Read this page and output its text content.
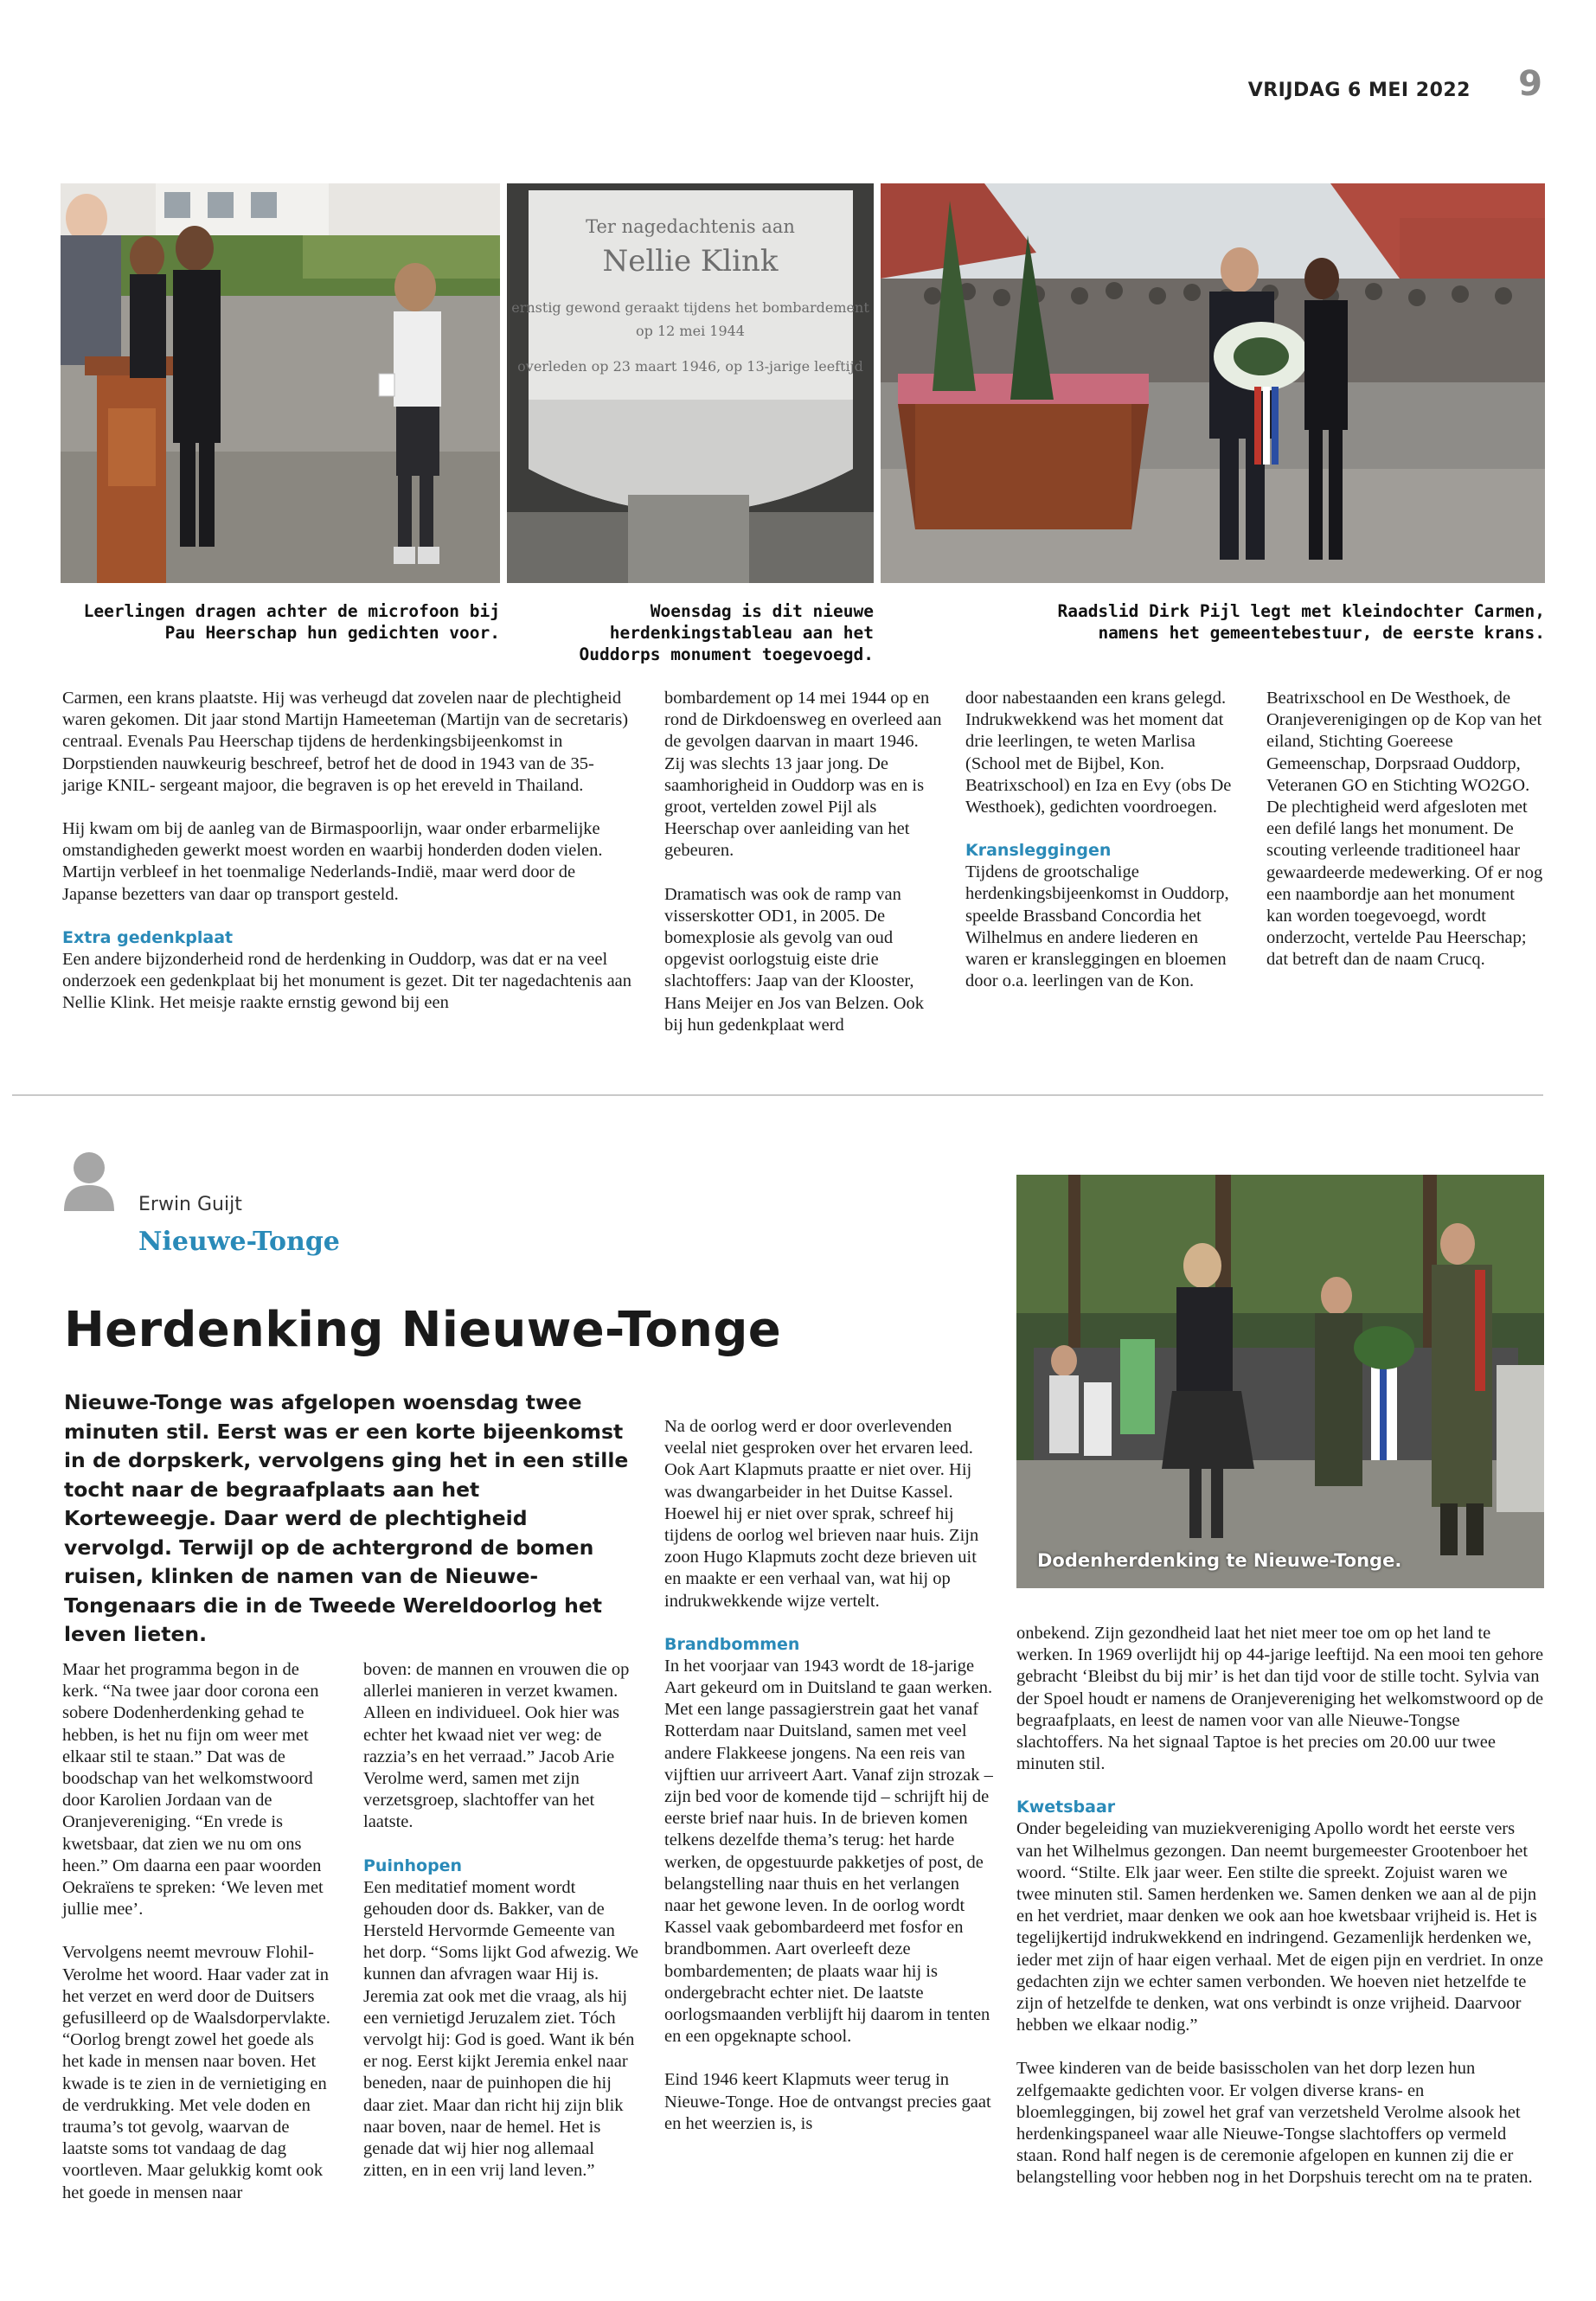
VRIJDAG 6 MEI 2022 9
Ter nagedachtenis aan
Nellie Klink
ernstig gewond geraakt tijdens het bombardement
op 12 mei 1944
overleden op 23 maart 1946, op 13-jarige leeftijd
Leerlingen dragen achter de microfoon bij
Pau Heerschap hun gedichten voor.
Woensdag is dit nieuwe
herdenkingstableau aan het
Ouddorps monument toegevoegd.
Raadslid Dirk Pijl legt met kleindochter Carmen,
namens het gemeentebestuur, de eerste krans.

Carmen, een krans plaatste. Hij was verheugd dat zovelen naar de plechtigheid waren gekomen. Dit jaar stond Martijn Hameeteman (Martijn van de secretaris) centraal. Evenals Pau Heerschap tijdens de herdenkingsbijeenkomst in Dorpstienden nauwkeurig beschreef, betrof het de dood in 1943 van de 35-jarige KNIL- sergeant majoor, die begraven is op het ereveld in Thailand.

Hij kwam om bij de aanleg van de Birmaspoorlijn, waar onder erbarmelijke omstandigheden gewerkt moest worden en waarbij honderden doden vielen. Martijn verbleef in het toenmalige Nederlands-Indië, maar werd door de Japanse bezetters van daar op transport gesteld.

Extra gedenkplaat

Een andere bijzonderheid rond de herdenking in Ouddorp, was dat er na veel onderzoek een gedenkplaat bij het monument is gezet. Dit ter nagedachtenis aan Nellie Klink. Het meisje raakte ernstig gewond bij een

bombardement op 14 mei 1944 op en rond de Dirkdoensweg en overleed aan de gevolgen daarvan in maart 1946. Zij was slechts 13 jaar jong. De saamhorigheid in Ouddorp was en is groot, vertelden zowel Pijl als Heerschap over aanleiding van het gebeuren.

Dramatisch was ook de ramp van visserskotter OD1, in 2005. De bomexplosie als gevolg van oud opgevist oorlogstuig eiste drie slachtoffers: Jaap van der Klooster, Hans Meijer en Jos van Belzen. Ook bij hun gedenkplaat werd

door nabestaanden een krans gelegd. Indrukwekkend was het moment dat drie leerlingen, te weten Marlisa (School met de Bijbel, Kon. Beatrixschool) en Iza en Evy (obs De Westhoek), gedichten voordroegen.

Kransleggingen

Tijdens de grootschalige herdenkingsbijeenkomst in Ouddorp, speelde Brassband Concordia het Wilhelmus en andere liederen en waren er kransleggingen en bloemen door o.a. leerlingen van de Kon.

Beatrixschool en De Westhoek, de Oranjeverenigingen op de Kop van het eiland, Stichting Goereese Gemeenschap, Dorpsraad Ouddorp, Veteranen GO en Stichting WO2GO. De plechtigheid werd afgesloten met een defilé langs het monument. De scouting verleende traditioneel haar gewaardeerde medewerking. Of er nog een naambordje aan het monument kan worden toegevoegd, wordt onderzocht, vertelde Pau Heerschap; dat betreft dan de naam Crucq.

Erwin Guijt
Nieuwe-Tonge
Herdenking Nieuwe-Tonge
Nieuwe-Tonge was afgelopen woensdag twee minuten stil. Eerst was er een korte bijeenkomst in de dorpskerk, vervolgens ging het in een stille tocht naar de begraafplaats aan het Korteweegje. Daar werd de plechtigheid vervolgd. Terwijl op de achtergrond de bomen ruisen, klinken de namen van de Nieuwe-Tongenaars die in de Tweede Wereldoorlog het leven lieten.
Dodenherdenking te Nieuwe-Tonge.

Maar het programma begon in de kerk. “Na twee jaar door corona een sobere Dodenherdenking gehad te hebben, is het nu fijn om weer met elkaar stil te staan.” Dat was de boodschap van het welkomstwoord door Karolien Jordaan van de Oranjevereniging. “En vrede is kwetsbaar, dat zien we nu om ons heen.” Om daarna een paar woorden Oekraïens te spreken: ‘We leven met jullie mee’.

Vervolgens neemt mevrouw Flohil-Verolme het woord. Haar vader zat in het verzet en werd door de Duitsers gefusilleerd op de Waalsdorpervlakte. “Oorlog brengt zowel het goede als het kade in mensen naar boven. Het kwade is te zien in de vernietiging en de verdrukking. Met vele doden en trauma’s tot gevolg, waarvan de laatste soms tot vandaag de dag voortleven. Maar gelukkig komt ook het goede in mensen naar

boven: de mannen en vrouwen die op allerlei manieren in verzet kwamen. Alleen en individueel. Ook hier was echter het kwaad niet ver weg: de razzia’s en het verraad.” Jacob Arie Verolme werd, samen met zijn verzetsgroep, slachtoffer van het laatste.

Puinhopen

Een meditatief moment wordt gehouden door ds. Bakker, van de Hersteld Hervormde Gemeente van het dorp. “Soms lijkt God afwezig. We kunnen dan afvragen waar Hij is. Jeremia zat ook met die vraag, als hij een vernietigd Jeruzalem ziet. Tóch vervolgt hij: God is goed. Want ik bén er nog. Eerst kijkt Jeremia enkel naar beneden, naar de puinhopen die hij daar ziet. Maar dan richt hij zijn blik naar boven, naar de hemel. Het is genade dat wij hier nog allemaal zitten, en in een vrij land leven.”

Na de oorlog werd er door overlevenden veelal niet gesproken over het ervaren leed. Ook Aart Klapmuts praatte er niet over. Hij was dwangarbeider in het Duitse Kassel. Hoewel hij er niet over sprak, schreef hij tijdens de oorlog wel brieven naar huis. Zijn zoon Hugo Klapmuts zocht deze brieven uit en maakte er een verhaal van, wat hij op indrukwekkende wijze vertelt.

Brandbommen

In het voorjaar van 1943 wordt de 18-jarige Aart gekeurd om in Duitsland te gaan werken. Met een lange passagierstrein gaat het vanaf Rotterdam naar Duitsland, samen met veel andere Flakkeese jongens. Na een reis van vijftien uur arriveert Aart. Vanaf zijn strozak – zijn bed voor de komende tijd – schrijft hij de eerste brief naar huis. In de brieven komen telkens dezelfde thema’s terug: het harde werken, de opgestuurde pakketjes of post, de belangstelling naar thuis en het verlangen naar het gewone leven. In de oorlog wordt Kassel vaak gebombardeerd met fosfor en brandbommen. Aart overleeft deze bombardementen; de plaats waar hij is ondergebracht echter niet. De laatste oorlogsmaanden verblijft hij daarom in tenten en een opgeknapte school.

Eind 1946 keert Klapmuts weer terug in Nieuwe-Tonge. Hoe de ontvangst precies gaat en het weerzien is, is

onbekend. Zijn gezondheid laat het niet meer toe om op het land te werken. In 1969 overlijdt hij op 44-jarige leeftijd. Na een mooi ten gehore gebracht ‘Bleibst du bij mir’ is het dan tijd voor de stille tocht. Sylvia van der Spoel houdt er namens de Oranjevereniging het welkomstwoord op de begraafplaats, en leest de namen voor van alle Nieuwe-Tongse slachtoffers. Na het signaal Taptoe is het precies om 20.00 uur twee minuten stil.

Kwetsbaar

Onder begeleiding van muziekvereniging Apollo wordt het eerste vers van het Wilhelmus gezongen. Dan neemt burgemeester Grootenboer het woord. “Stilte. Elk jaar weer. Een stilte die spreekt. Zojuist waren we twee minuten stil. Samen herdenken we. Samen denken we aan al de pijn en het verdriet, maar denken we ook aan hoe kwetsbaar vrijheid is. Het is tegelijkertijd indrukwekkend en indringend. Gezamenlijk herdenken we, ieder met zijn of haar eigen verhaal. Met de eigen pijn en verdriet. In onze gedachten zijn we echter samen verbonden. We hoeven niet hetzelfde te zijn of hetzelfde te denken, wat ons verbindt is onze vrijheid. Daarvoor hebben we elkaar nodig.”

Twee kinderen van de beide basisscholen van het dorp lezen hun zelfgemaakte gedichten voor. Er volgen diverse krans- en bloemleggingen, bij zowel het graf van verzetsheld Verolme alsook het herdenkingspaneel waar alle Nieuwe-Tongse slachtoffers op vermeld staan. Rond half negen is de ceremonie afgelopen en kunnen zij die er belangstelling voor hebben nog in het Dorpshuis terecht om na te praten.
